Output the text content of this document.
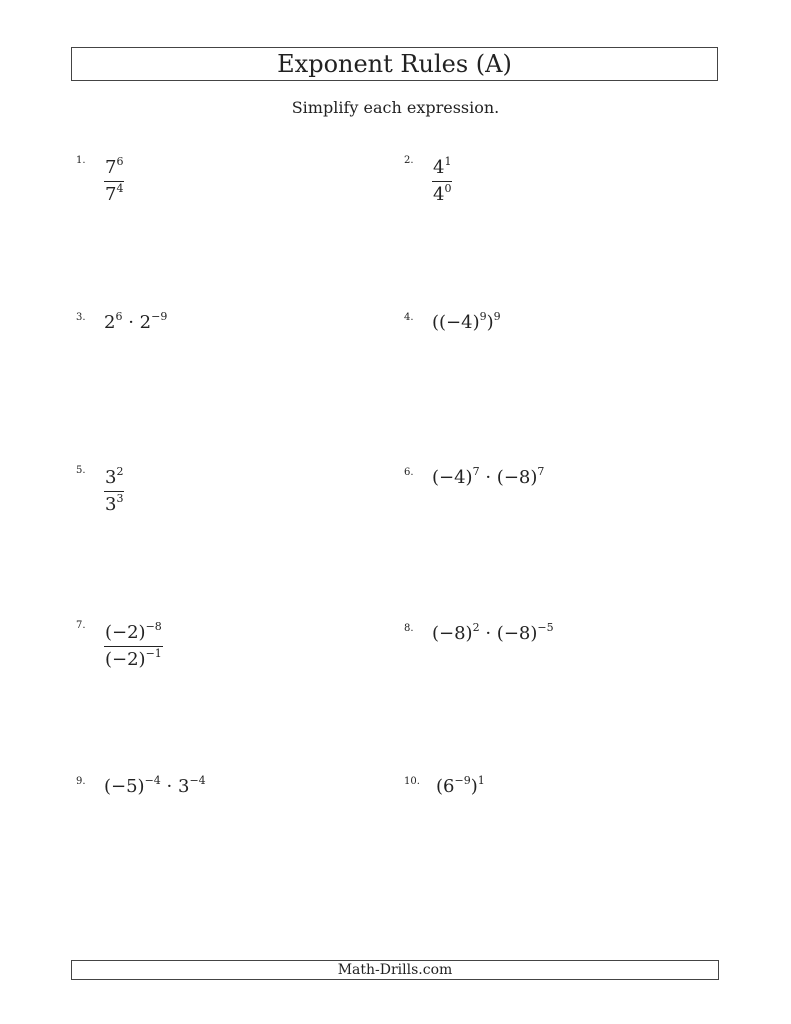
Exponent Rules (A)
Simplify each expression.
1. $\frac{7^6}{7^4}$	2. $\frac{4^1}{4^0}$
3. $2^6 \cdot 2^{-9}$	4. $((-4)^9)^9$
5. $\frac{3^2}{3^3}$	6. $(-4)^7 \cdot (-8)^7$
7. $\frac{(-2)^{-8}}{(-2)^{-1}}$	8. $(-8)^2 \cdot (-8)^{-5}$
9. $(-5)^{-4} \cdot 3^{-4}$	10. $(6^{-9})^1$
Math-Drills.com
